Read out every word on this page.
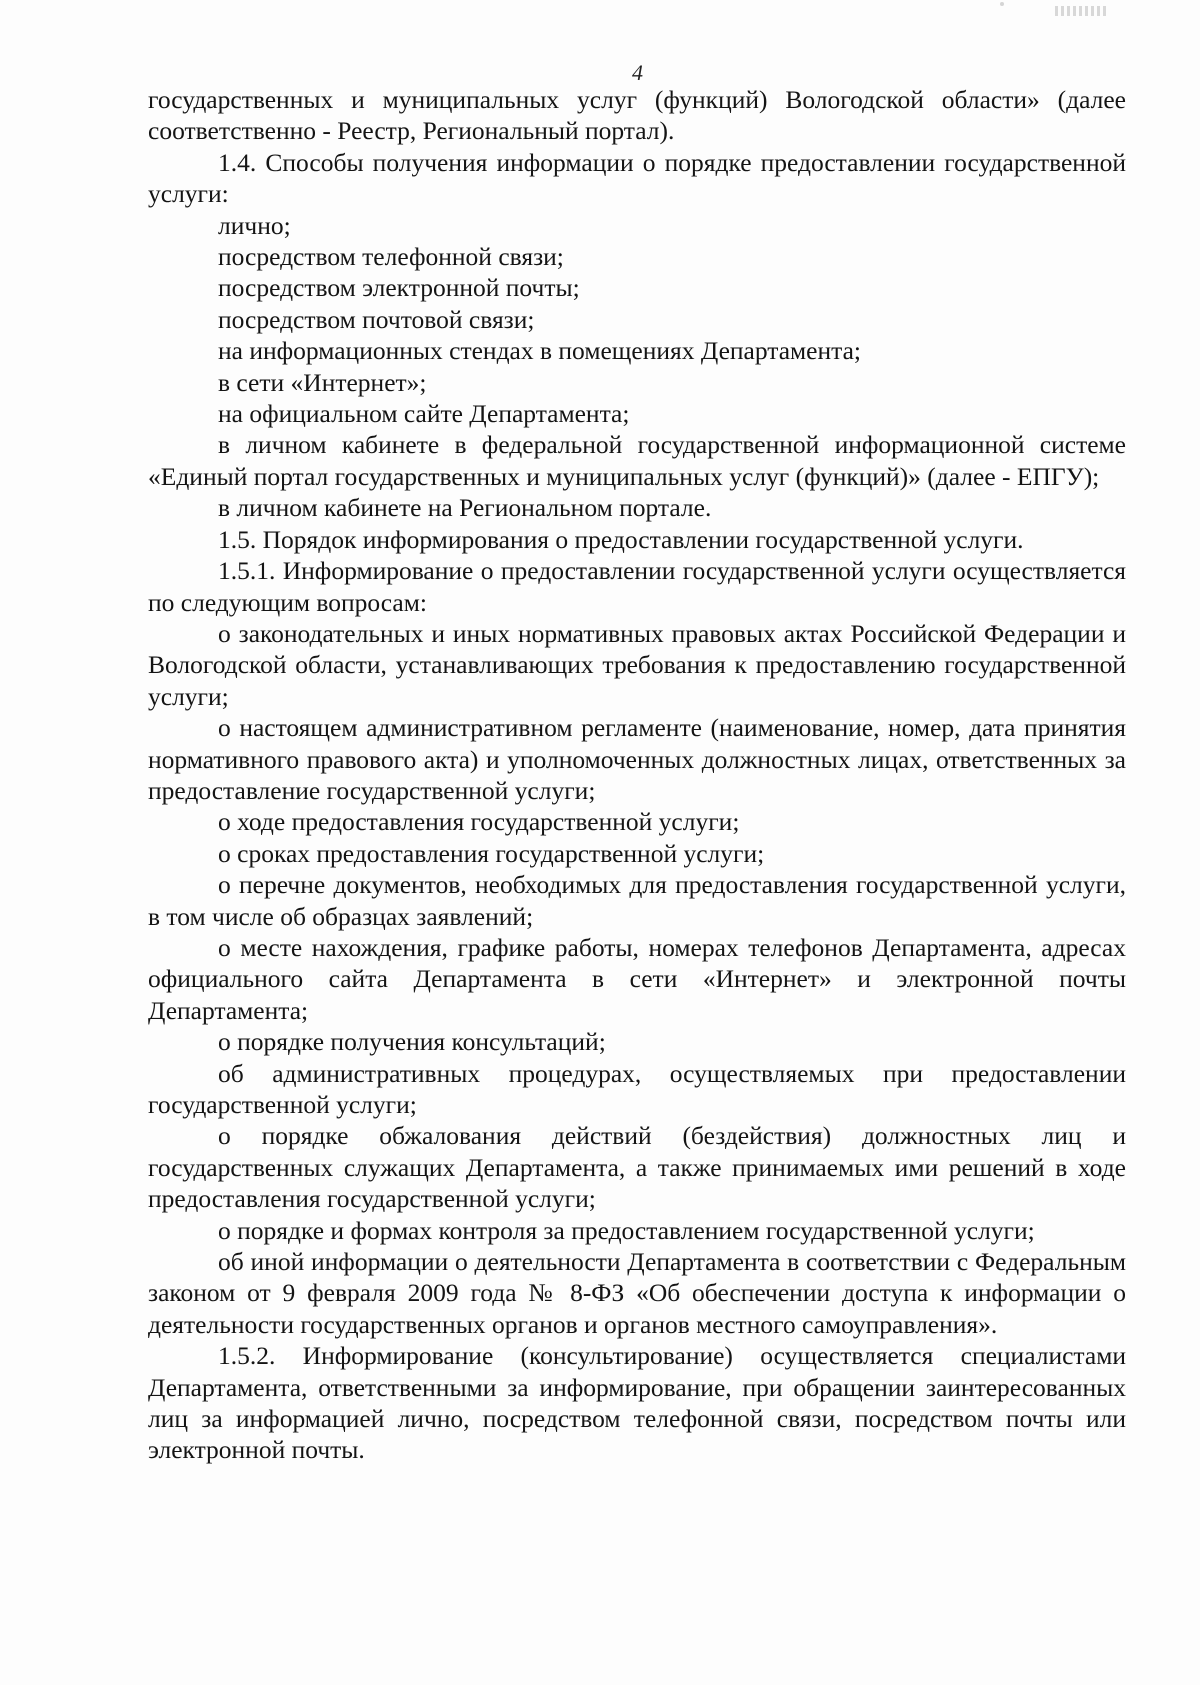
4

государственных и муниципальных услуг (функций) Вологодской области» (далее соответственно - Реестр, Региональный портал).

1.4. Способы получения информации о порядке предоставлении государственной услуги:

лично;

посредством телефонной связи;

посредством электронной почты;

посредством почтовой связи;

на информационных стендах в помещениях Департамента;

в сети «Интернет»;

на официальном сайте Департамента;

в личном кабинете в федеральной государственной информационной системе «Единый портал государственных и муниципальных услуг (функций)» (далее - ЕПГУ);

в личном кабинете на Региональном портале.

1.5. Порядок информирования о предоставлении государственной услуги.

1.5.1. Информирование о предоставлении государственной услуги осуществляется по следующим вопросам:

о законодательных и иных нормативных правовых актах Российской Федерации и Вологодской области, устанавливающих требования к предоставлению государственной услуги;

о настоящем административном регламенте (наименование, номер, дата принятия нормативного правового акта) и уполномоченных должностных лицах, ответственных за предоставление государственной услуги;

о ходе предоставления государственной услуги;

о сроках предоставления государственной услуги;

о перечне документов, необходимых для предоставления государственной услуги, в том числе об образцах заявлений;

о месте нахождения, графике работы, номерах телефонов Департамента, адресах официального сайта Департамента в сети «Интернет» и электронной почты Департамента;

о порядке получения консультаций;

об административных процедурах, осуществляемых при предоставлении государственной услуги;

о порядке обжалования действий (бездействия) должностных лиц и государственных служащих Департамента, а также принимаемых ими решений в ходе предоставления государственной услуги;

о порядке и формах контроля за предоставлением государственной услуги;

об иной информации о деятельности Департамента в соответствии с Федеральным законом от 9 февраля 2009 года № 8-ФЗ «Об обеспечении доступа к информации о деятельности государственных органов и органов местного самоуправления».

1.5.2. Информирование (консультирование) осуществляется специалистами Департамента, ответственными за информирование, при обращении заинтересованных лиц за информацией лично, посредством телефонной связи, посредством почты или электронной почты.
